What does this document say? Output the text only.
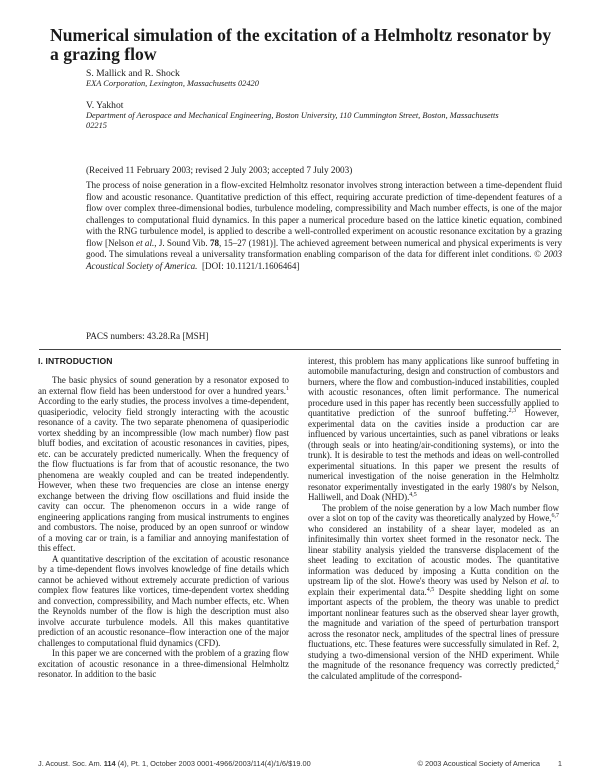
Numerical simulation of the excitation of a Helmholtz resonator by a grazing flow
S. Mallick and R. Shock
EXA Corporation, Lexington, Massachusetts 02420
V. Yakhot
Department of Aerospace and Mechanical Engineering, Boston University, 110 Cummington Street, Boston, Massachusetts 02215
(Received 11 February 2003; revised 2 July 2003; accepted 7 July 2003)

The process of noise generation in a flow-excited Helmholtz resonator involves strong interaction between a time-dependent fluid flow and acoustic resonance. Quantitative prediction of this effect, requiring accurate prediction of time-dependent features of a flow over complex three-dimensional bodies, turbulence modeling, compressibility and Mach number effects, is one of the major challenges to computational fluid dynamics. In this paper a numerical procedure based on the lattice kinetic equation, combined with the RNG turbulence model, is applied to describe a well-controlled experiment on acoustic resonance excitation by a grazing flow [Nelson et al., J. Sound Vib. 78, 15–27 (1981)]. The achieved agreement between numerical and physical experiments is very good. The simulations reveal a universality transformation enabling comparison of the data for different inlet conditions. © 2003 Acoustical Society of America. [DOI: 10.1121/1.1606464]

PACS numbers: 43.28.Ra [MSH]
I. INTRODUCTION

The basic physics of sound generation by a resonator exposed to an external flow field has been understood for over a hundred years.$^1$ According to the early studies, the process involves a time-dependent, quasiperiodic, velocity field strongly interacting with the acoustic resonance of a cavity. The two separate phenomena of quasiperiodic vortex shedding by an incompressible (low mach number) flow past bluff bodies, and excitation of acoustic resonances in cavities, pipes, etc. can be accurately predicted numerically. When the frequency of the flow fluctuations is far from that of acoustic resonance, the two phenomena are weakly coupled and can be treated independently. However, when these two frequencies are close an intense energy exchange between the driving flow oscillations and fluid inside the cavity can occur. The phenomenon occurs in a wide range of engineering applications ranging from musical instruments to engines and combustors. The noise, produced by an open sunroof or window of a moving car or train, is a familiar and annoying manifestation of this effect.

A quantitative description of the excitation of acoustic resonance by a time-dependent flows involves knowledge of fine details which cannot be achieved without extremely accurate prediction of various complex flow features like vortices, time-dependent vortex shedding and convection, compressibility, and Mach number effects, etc. When the Reynolds number of the flow is high the description must also involve accurate turbulence models. All this makes quantitative prediction of an acoustic resonance–flow interaction one of the major challenges to computational fluid dynamics (CFD).

In this paper we are concerned with the problem of a grazing flow excitation of acoustic resonance in a three-dimensional Helmholtz resonator. In addition to the basic

interest, this problem has many applications like sunroof buffeting in automobile manufacturing, design and construction of combustors and burners, where the flow and combustion-induced instabilities, coupled with acoustic resonances, often limit performance. The numerical procedure used in this paper has recently been successfully applied to quantitative prediction of the sunroof buffeting.$^{2,3}$ However, experimental data on the cavities inside a production car are influenced by various uncertainties, such as panel vibrations or leaks (through seals or into heating/air-conditioning systems), or into the trunk). It is desirable to test the methods and ideas on well-controlled experimental situations. In this paper we present the results of numerical investigation of the noise generation in the Helmholtz resonator experimentally investigated in the early 1980's by Nelson, Halliwell, and Doak (NHD).$^{4,5}$

The problem of the noise generation by a low Mach number flow over a slot on top of the cavity was theoretically analyzed by Howe,$^{6,7}$ who considered an instability of a shear layer, modeled as an infinitesimally thin vortex sheet formed in the resonator neck. The linear stability analysis yielded the transverse displacement of the sheet leading to excitation of acoustic modes. The quantitative information was deduced by imposing a Kutta condition on the upstream lip of the slot. Howe's theory was used by Nelson et al. to explain their experimental data.$^{4,5}$ Despite shedding light on some important aspects of the problem, the theory was unable to predict important nonlinear features such as the observed shear layer growth, the magnitude and variation of the speed of perturbation transport across the resonator neck, amplitudes of the spectral lines of pressure fluctuations, etc. These features were successfully simulated in Ref. 2, studying a two-dimensional version of the NHD experiment. While the magnitude of the resonance frequency was correctly predicted,$^2$ the calculated amplitude of the correspond-

J. Acoust. Soc. Am. 114 (4), Pt. 1, October 2003 0001-4966/2003/114(4)/1/6/$19.00	© 2003 Acoustical Society of America 1
